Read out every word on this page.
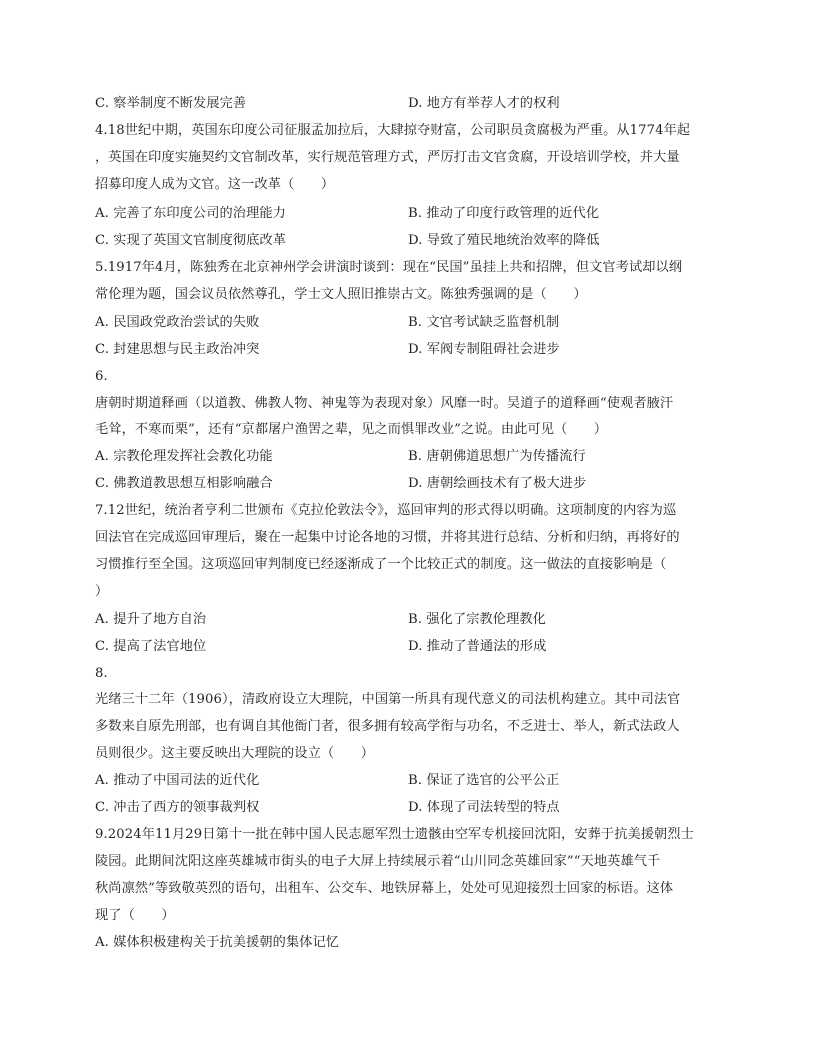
C. 察举制度不断发展完善	D. 地方有举荐人才的权利
4.18世纪中期，英国东印度公司征服孟加拉后，大肆掠夺财富，公司职员贪腐极为严重。从1774年起
，英国在印度实施契约文官制改革，实行规范管理方式，严厉打击文官贪腐，开设培训学校，并大量
招募印度人成为文官。这一改革（　　）
A. 完善了东印度公司的治理能力	B. 推动了印度行政管理的近代化
C. 实现了英国文官制度彻底改革	D. 导致了殖民地统治效率的降低
5.1917年4月，陈独秀在北京神州学会讲演时谈到：现在“民国”虽挂上共和招牌，但文官考试却以纲
常伦理为题，国会议员依然尊孔，学士文人照旧推崇古文。陈独秀强调的是（　　）
A. 民国政党政治尝试的失败	B. 文官考试缺乏监督机制
C. 封建思想与民主政治冲突	D. 军阀专制阻碍社会进步
6.
唐朝时期道释画（以道教、佛教人物、神鬼等为表现对象）风靡一时。吴道子的道释画“使观者腋汗
毛耸，不寒而栗”，还有“京都屠户渔罟之辈，见之而惧罪改业”之说。由此可见（　　）
A. 宗教伦理发挥社会教化功能	B. 唐朝佛道思想广为传播流行
C. 佛教道教思想互相影响融合	D. 唐朝绘画技术有了极大进步
7.12世纪，统治者亨利二世颁布《克拉伦敦法令》，巡回审判的形式得以明确。这项制度的内容为巡
回法官在完成巡回审理后，聚在一起集中讨论各地的习惯，并将其进行总结、分析和归纳，再将好的
习惯推行至全国。这项巡回审判制度已经逐渐成了一个比较正式的制度。这一做法的直接影响是（
）
A. 提升了地方自治	B. 强化了宗教伦理教化
C. 提高了法官地位	D. 推动了普通法的形成
8.
光绪三十二年（1906），清政府设立大理院，中国第一所具有现代意义的司法机构建立。其中司法官
多数来自原先刑部，也有调自其他衙门者，很多拥有较高学衔与功名，不乏进士、举人，新式法政人
员则很少。这主要反映出大理院的设立（　　）
A. 推动了中国司法的近代化	B. 保证了选官的公平公正
C. 冲击了西方的领事裁判权	D. 体现了司法转型的特点
9.2024年11月29日第十一批在韩中国人民志愿军烈士遗骸由空军专机接回沈阳，安葬于抗美援朝烈士
陵园。此期间沈阳这座英雄城市街头的电子大屏上持续展示着“山川同念英雄回家”“天地英雄气千
秋尚凛然”等致敬英烈的语句，出租车、公交车、地铁屏幕上，处处可见迎接烈士回家的标语。这体
现了（　　）
A. 媒体积极建构关于抗美援朝的集体记忆
